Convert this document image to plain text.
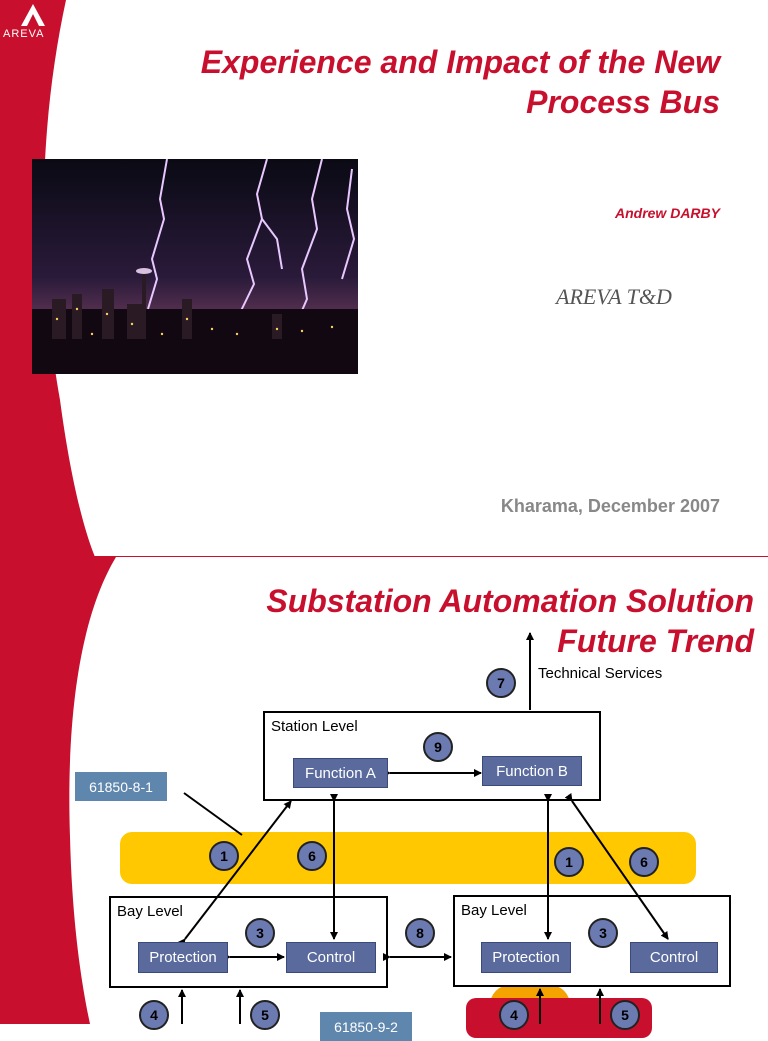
AREVA
Experience and Impact of the New
Process Bus
Andrew DARBY
AREVA T&D
Kharama, December 2007
Substation Automation Solution
Future Trend
Technical Services
Station Level
Function A	Function B
61850-8-1
61850-9-2
Bay Level	Bay Level
Protection	Control	Protection	Control
7
9
1	6	1	6
3	8	3
4	5	4	5
